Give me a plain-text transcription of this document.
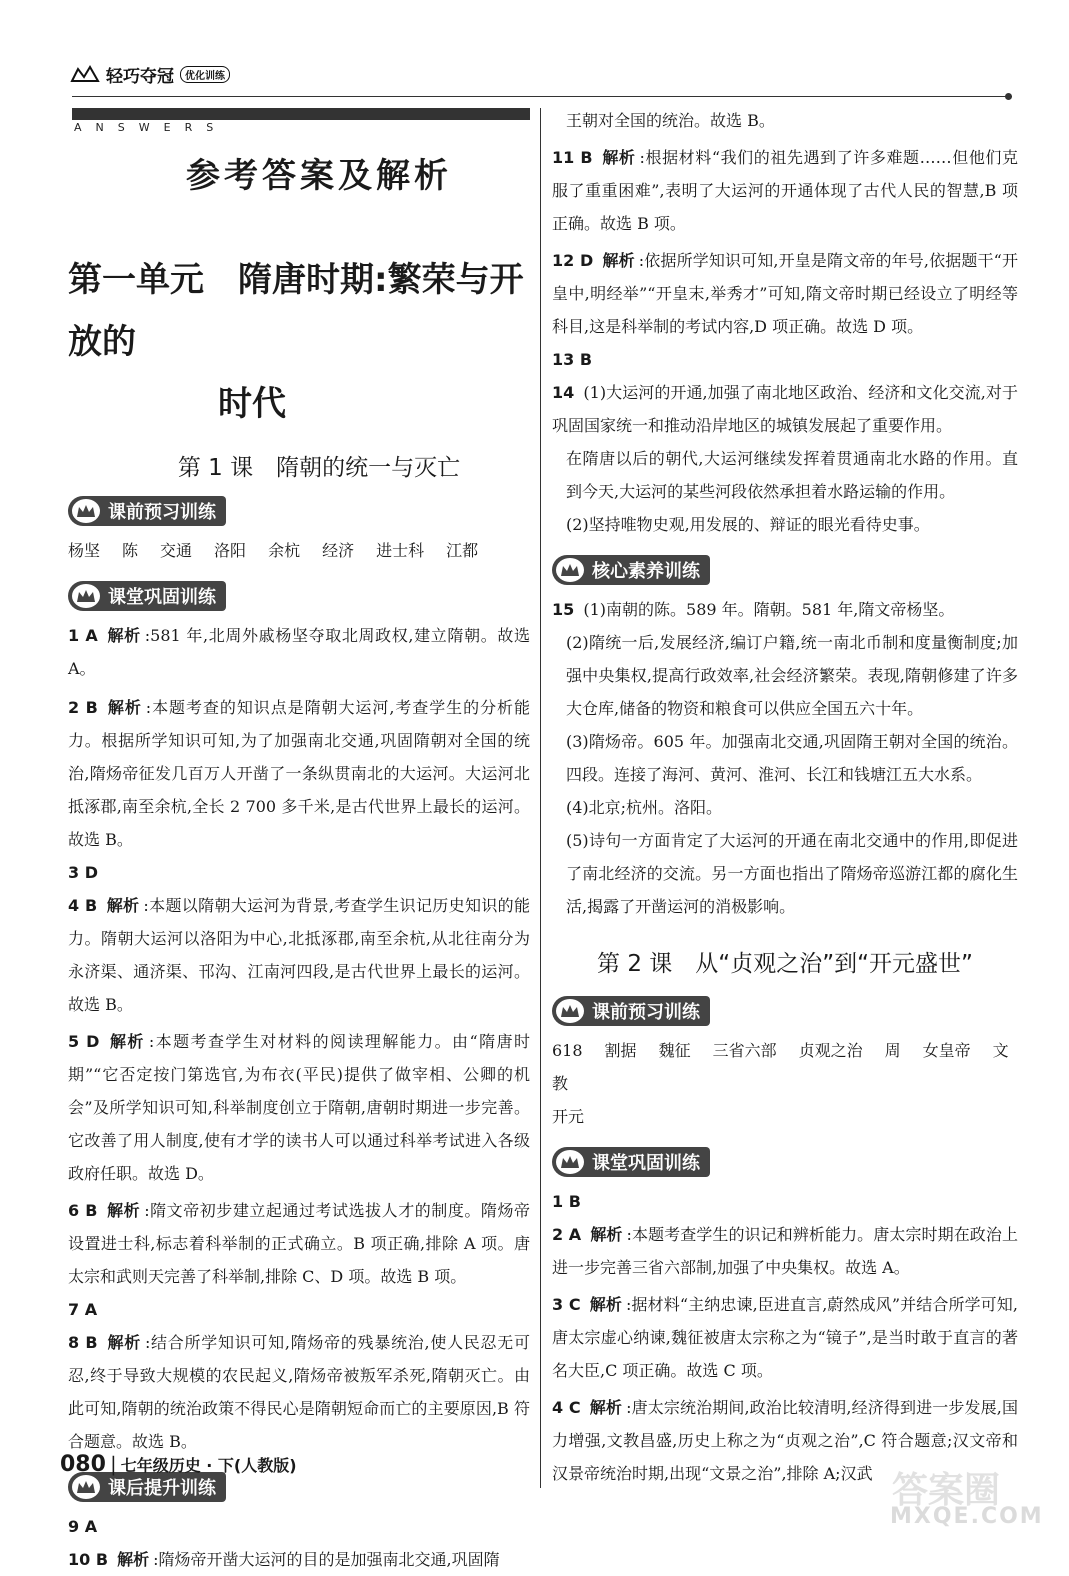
轻巧夺冠	优化训练
ANSWERS
参考答案及解析
第一单元　隋唐时期:繁荣与开放的
时代
第 1 课　隋朝的统一与灭亡
课前预习训练
杨坚 陈 交通 洛阳 余杭 经济 进士科 江都
课堂巩固训练
1 A 解析 :581 年,北周外戚杨坚夺取北周政权,建立隋朝。故选 A。
2 B 解析 :本题考查的知识点是隋朝大运河,考查学生的分析能力。根据所学知识可知,为了加强南北交通,巩固隋朝对全国的统治,隋炀帝征发几百万人开凿了一条纵贯南北的大运河。大运河北抵涿郡,南至余杭,全长 2 700 多千米,是古代世界上最长的运河。故选 B。
3 D
4 B 解析 :本题以隋朝大运河为背景,考查学生识记历史知识的能力。隋朝大运河以洛阳为中心,北抵涿郡,南至余杭,从北往南分为永济渠、通济渠、邗沟、江南河四段,是古代世界上最长的运河。故选 B。
5 D 解析 :本题考查学生对材料的阅读理解能力。由“隋唐时期”“它否定按门第选官,为布衣(平民)提供了做宰相、公卿的机会”及所学知识可知,科举制度创立于隋朝,唐朝时期进一步完善。它改善了用人制度,使有才学的读书人可以通过科举考试进入各级政府任职。故选 D。
6 B 解析 :隋文帝初步建立起通过考试选拔人才的制度。隋炀帝设置进士科,标志着科举制的正式确立。B 项正确,排除 A 项。唐太宗和武则天完善了科举制,排除 C、D 项。故选 B 项。
7 A
8 B 解析 :结合所学知识可知,隋炀帝的残暴统治,使人民忍无可忍,终于导致大规模的农民起义,隋炀帝被叛军杀死,隋朝灭亡。由此可知,隋朝的统治政策不得民心是隋朝短命而亡的主要原因,B 符合题意。故选 B。
课后提升训练
9 A
10 B 解析 :隋炀帝开凿大运河的目的是加强南北交通,巩固隋
王朝对全国的统治。故选 B。
11 B 解析 :根据材料“我们的祖先遇到了许多难题……但他们克服了重重困难”,表明了大运河的开通体现了古代人民的智慧,B 项正确。故选 B 项。
12 D 解析 :依据所学知识可知,开皇是隋文帝的年号,依据题干“开皇中,明经举”“开皇末,举秀才”可知,隋文帝时期已经设立了明经等科目,这是科举制的考试内容,D 项正确。故选 D 项。
13 B
14 (1)大运河的开通,加强了南北地区政治、经济和文化交流,对于巩固国家统一和推动沿岸地区的城镇发展起了重要作用。
在隋唐以后的朝代,大运河继续发挥着贯通南北水路的作用。直到今天,大运河的某些河段依然承担着水路运输的作用。
(2)坚持唯物史观,用发展的、辩证的眼光看待史事。
核心素养训练
15 (1)南朝的陈。589 年。隋朝。581 年,隋文帝杨坚。
(2)隋统一后,发展经济,编订户籍,统一南北币制和度量衡制度;加强中央集权,提高行政效率,社会经济繁荣。表现,隋朝修建了许多大仓库,储备的物资和粮食可以供应全国五六十年。
(3)隋炀帝。605 年。加强南北交通,巩固隋王朝对全国的统治。四段。连接了海河、黄河、淮河、长江和钱塘江五大水系。
(4)北京;杭州。洛阳。
(5)诗句一方面肯定了大运河的开通在南北交通中的作用,即促进了南北经济的交流。另一方面也指出了隋炀帝巡游江都的腐化生活,揭露了开凿运河的消极影响。
第 2 课　从“贞观之治”到“开元盛世”
课前预习训练
618 割据 魏征 三省六部 贞观之治 周 女皇帝 文教
开元
课堂巩固训练
1 B
2 A 解析 :本题考查学生的识记和辨析能力。唐太宗时期在政治上进一步完善三省六部制,加强了中央集权。故选 A。
3 C 解析 :据材料“主纳忠谏,臣进直言,蔚然成风”并结合所学可知,唐太宗虚心纳谏,魏征被唐太宗称之为“镜子”,是当时敢于直言的著名大臣,C 项正确。故选 C 项。
4 C 解析 :唐太宗统治期间,政治比较清明,经济得到进一步发展,国力增强,文教昌盛,历史上称之为“贞观之治”,C 符合题意;汉文帝和汉景帝统治时期,出现“文景之治”,排除 A;汉武
080 | 七年级历史 · 下(人教版)
答案圈
MXQE.COM
